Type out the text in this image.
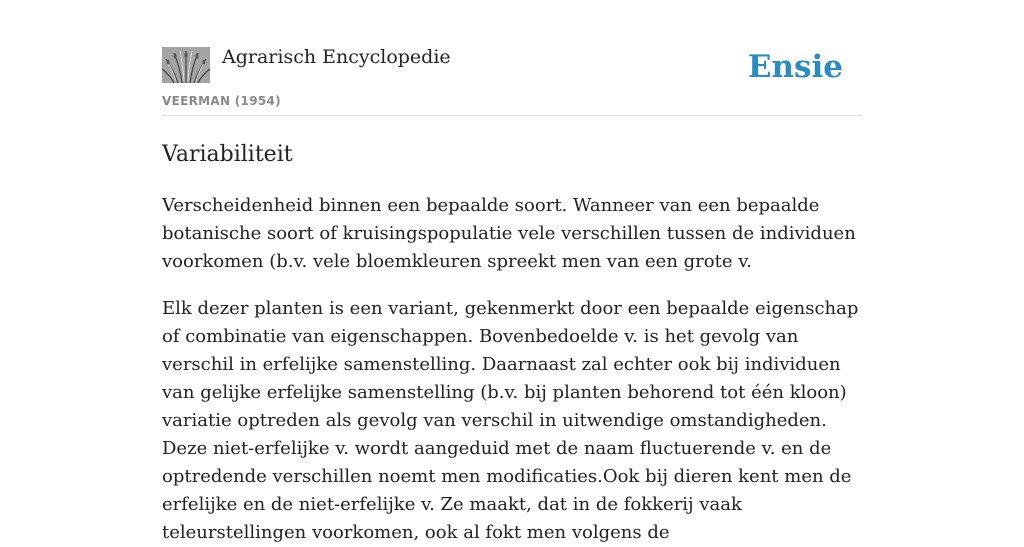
Agrarisch Encyclopedie
VEERMAN (1954)
Ensie
Variabiliteit

Verscheidenheid binnen een bepaalde soort. Wanneer van een bepaalde botanische soort of kruisingspopulatie vele verschillen tussen de individuen voorkomen (b.v. vele bloemkleuren spreekt men van een grote v.

Elk dezer planten is een variant, gekenmerkt door een bepaalde eigenschap of combinatie van eigenschappen. Bovenbedoelde v. is het gevolg van verschil in erfelijke samenstelling. Daarnaast zal echter ook bij individuen van gelijke erfelijke samenstelling (b.v. bij planten behorend tot één kloon) variatie optreden als gevolg van verschil in uitwendige omstandigheden. Deze niet-erfelijke v. wordt aangeduid met de naam fluctuerende v. en de optredende verschillen noemt men modificaties.Ook bij dieren kent men de erfelijke en de niet-erfelijke v. Ze maakt, dat in de fokkerij vaak teleurstellingen voorkomen, ook al fokt men volgens de
